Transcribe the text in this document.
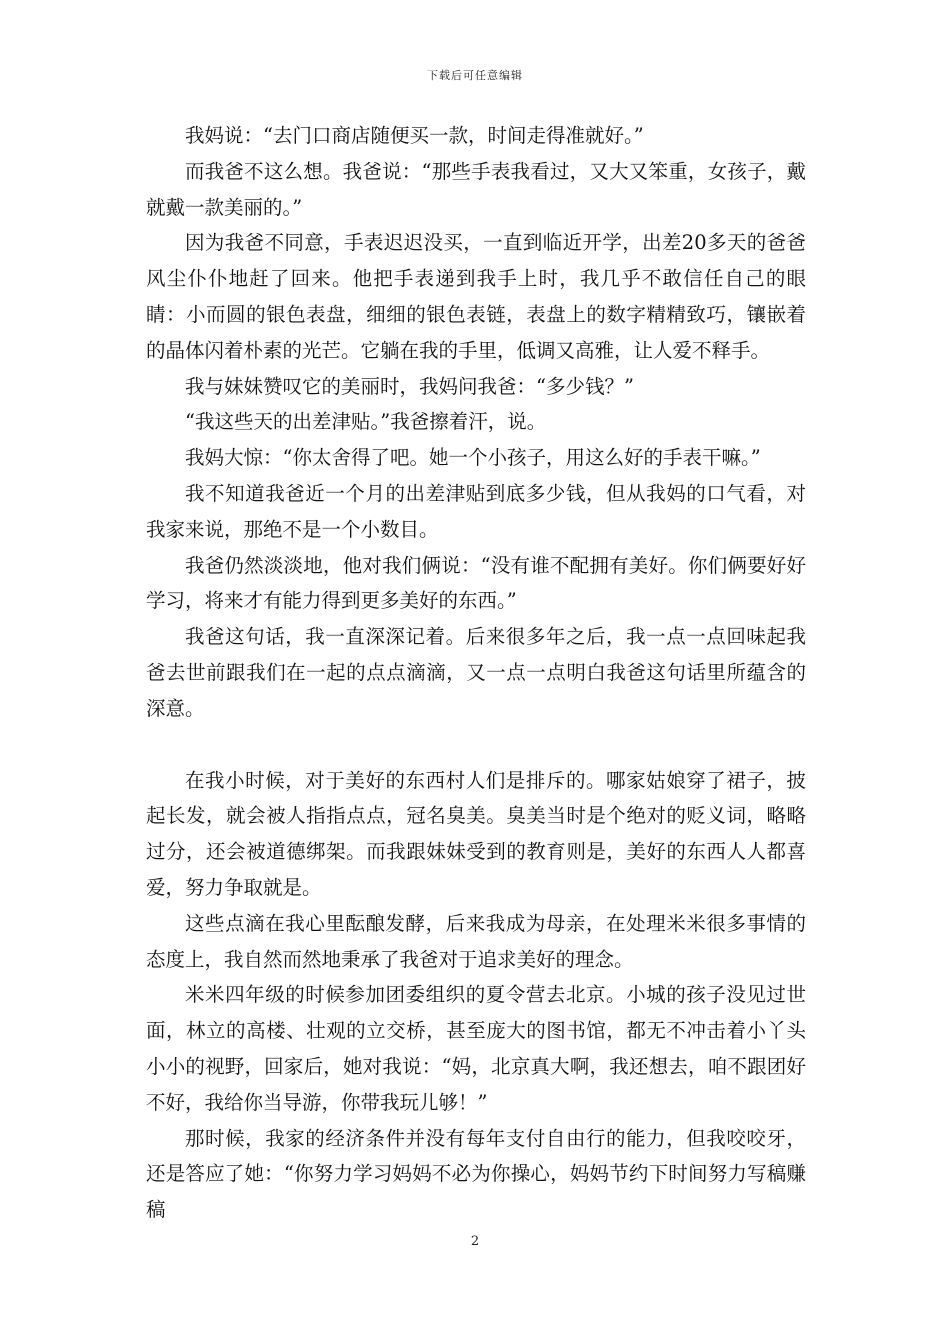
下载后可任意编辑

我妈说：“去门口商店随便买一款，时间走得准就好。”

而我爸不这么想。我爸说：“那些手表我看过，又大又笨重，女孩子，戴就戴一款美丽的。”

因为我爸不同意，手表迟迟没买，一直到临近开学，出差20多天的爸爸风尘仆仆地赶了回来。他把手表递到我手上时，我几乎不敢信任自己的眼睛：小而圆的银色表盘，细细的银色表链，表盘上的数字精精致巧，镶嵌着的晶体闪着朴素的光芒。它躺在我的手里，低调又高雅，让人爱不释手。

我与妹妹赞叹它的美丽时，我妈问我爸：“多少钱？”

“我这些天的出差津贴。”我爸擦着汗，说。

我妈大惊：“你太舍得了吧。她一个小孩子，用这么好的手表干嘛。”

我不知道我爸近一个月的出差津贴到底多少钱，但从我妈的口气看，对我家来说，那绝不是一个小数目。

我爸仍然淡淡地，他对我们俩说：“没有谁不配拥有美好。你们俩要好好学习，将来才有能力得到更多美好的东西。”

我爸这句话，我一直深深记着。后来很多年之后，我一点一点回味起我爸去世前跟我们在一起的点点滴滴，又一点一点明白我爸这句话里所蕴含的深意。

在我小时候，对于美好的东西村人们是排斥的。哪家姑娘穿了裙子，披起长发，就会被人指指点点，冠名臭美。臭美当时是个绝对的贬义词，略略过分，还会被道德绑架。而我跟妹妹受到的教育则是，美好的东西人人都喜爱，努力争取就是。

这些点滴在我心里酝酿发酵，后来我成为母亲，在处理米米很多事情的态度上，我自然而然地秉承了我爸对于追求美好的理念。

米米四年级的时候参加团委组织的夏令营去北京。小城的孩子没见过世面，林立的高楼、壮观的立交桥，甚至庞大的图书馆，都无不冲击着小丫头小小的视野，回家后，她对我说：“妈，北京真大啊，我还想去，咱不跟团好不好，我给你当导游，你带我玩儿够！”

那时候，我家的经济条件并没有每年支付自由行的能力，但我咬咬牙，还是答应了她：“你努力学习妈妈不必为你操心，妈妈节约下时间努力写稿赚稿

2
